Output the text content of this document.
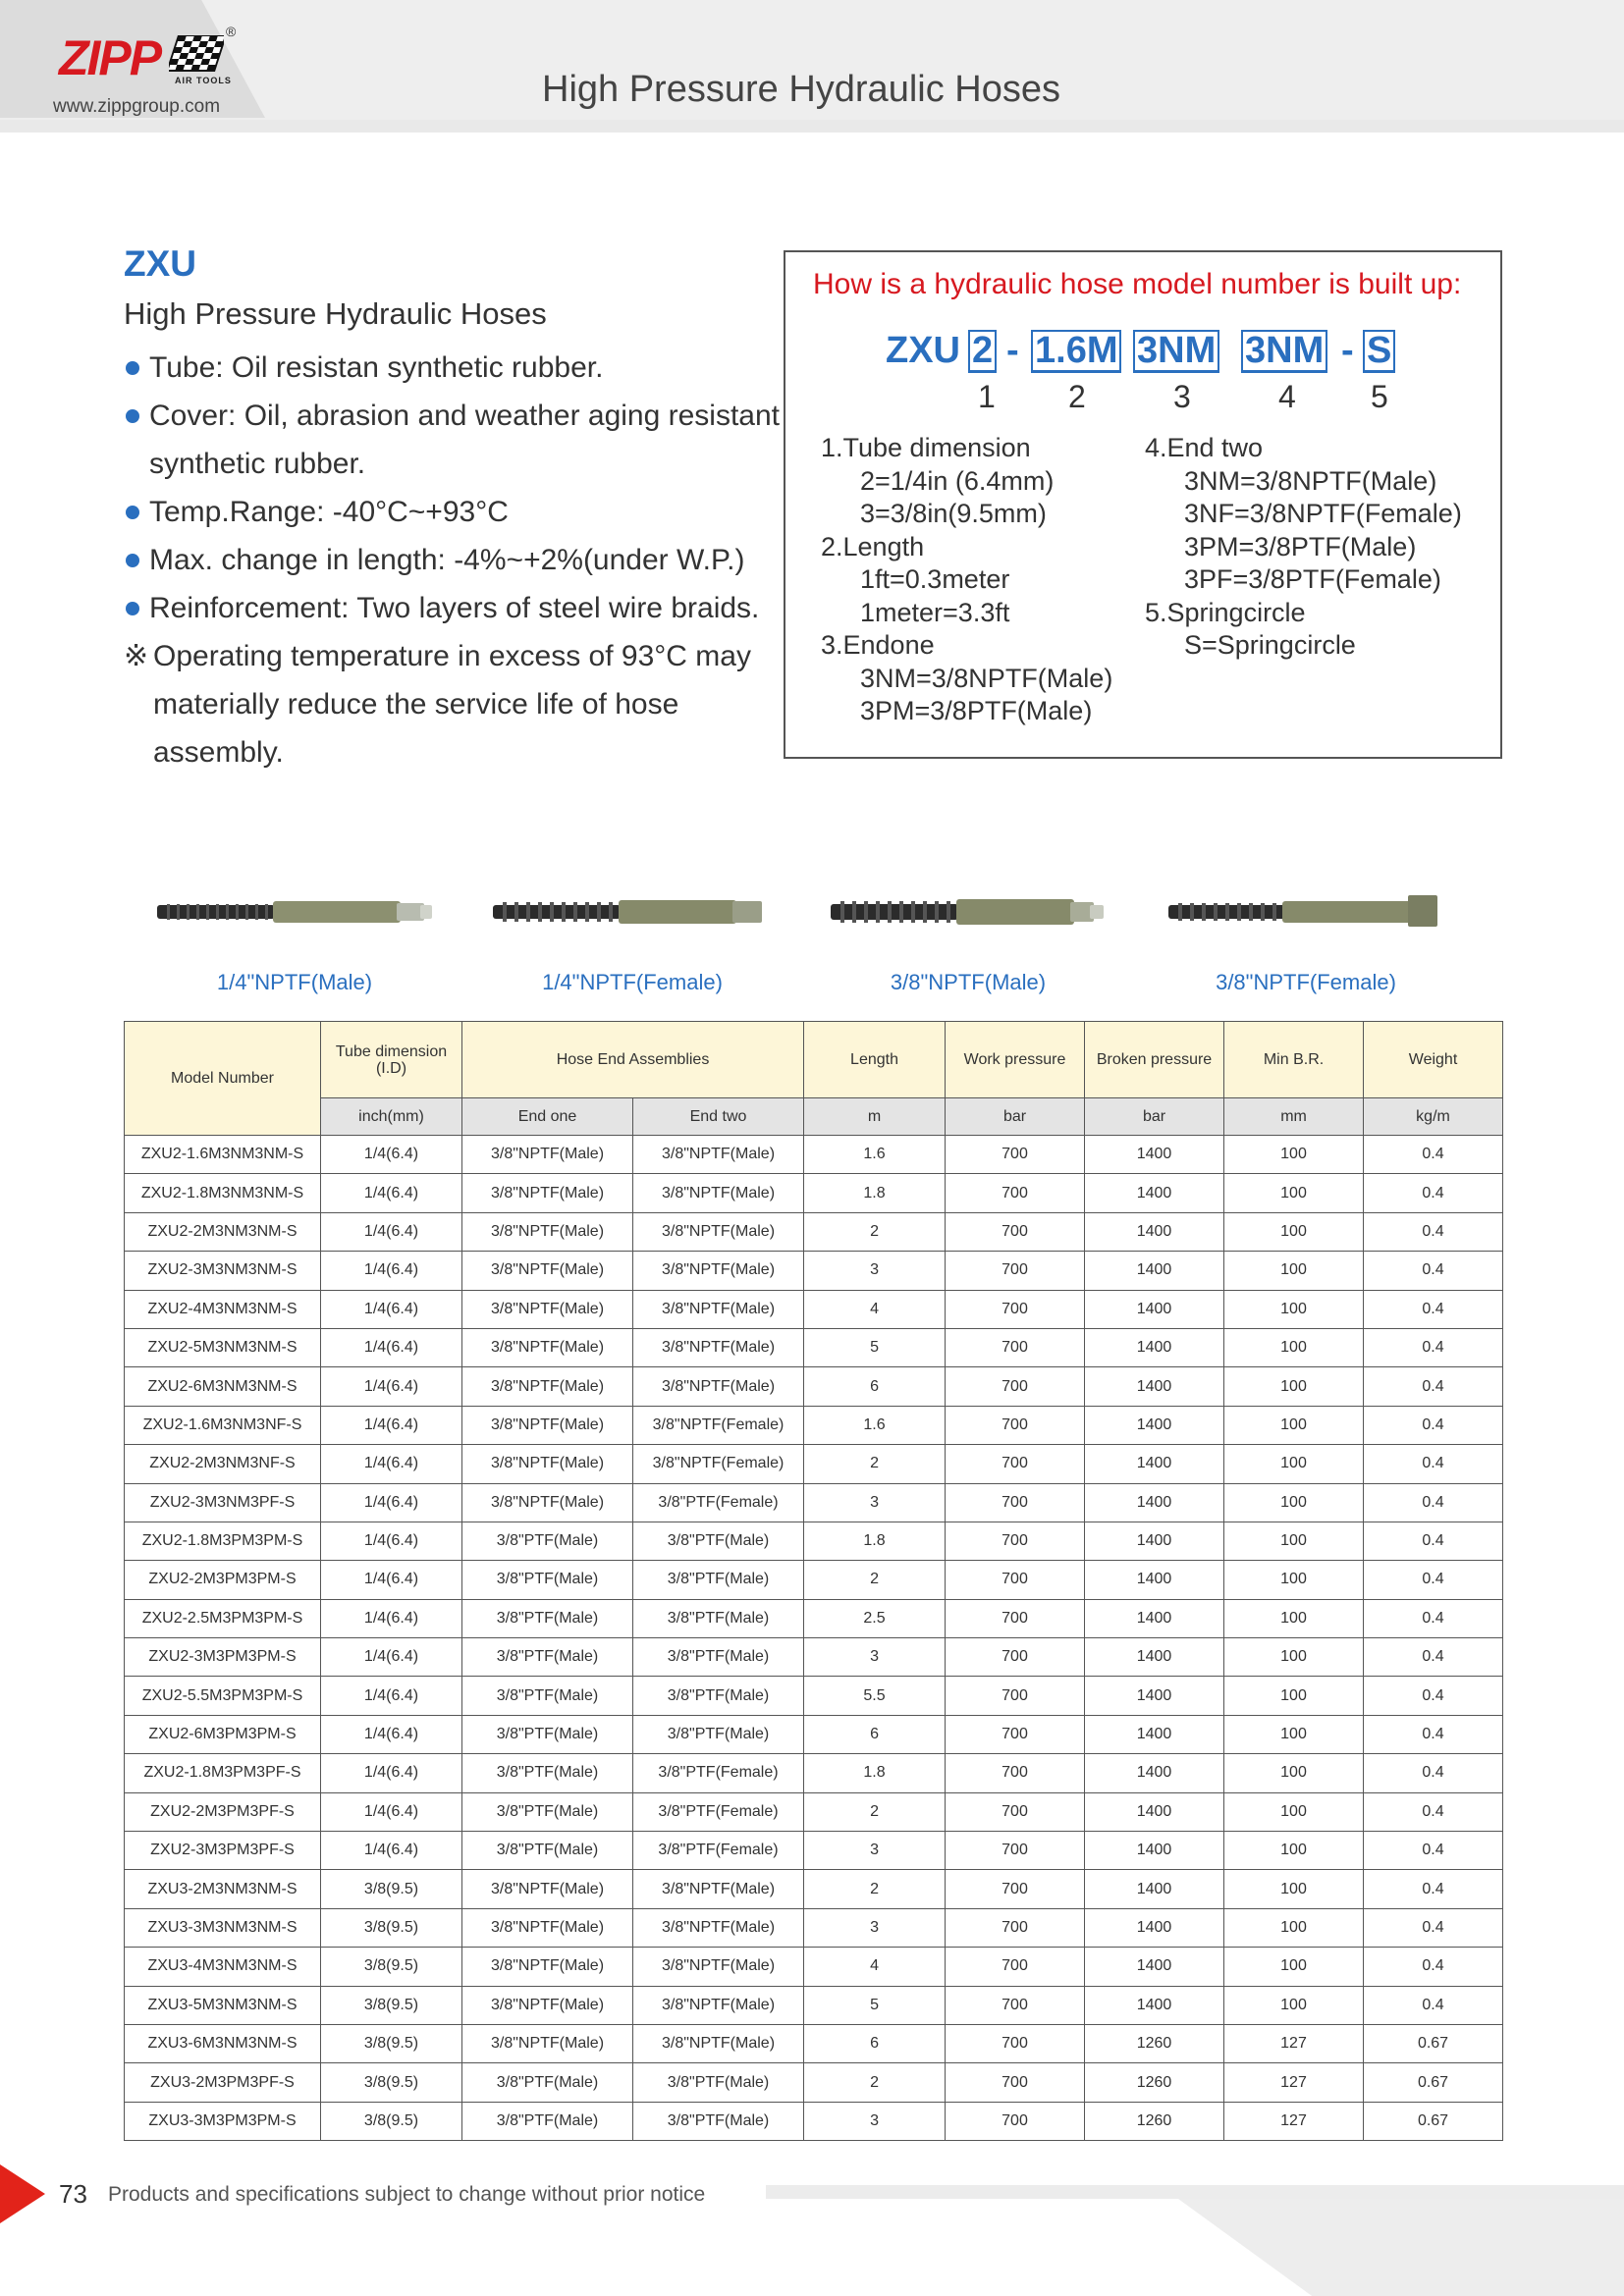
ZIPP	®
AIR TOOLS
www.zippgroup.com	High Pressure Hydraulic Hoses
ZXU
High Pressure Hydraulic Hoses
Tube: Oil resistan synthetic rubber.
Cover: Oil, abrasion and weather aging resistant synthetic rubber.
Temp.Range: -40°C~+93°C
Max. change in length: -4%~+2%(under W.P.)
Reinforcement: Two layers of steel wire braids.
※ Operating temperature in excess of 93°C may materially reduce the service life of hose assembly.
How is a hydraulic hose model number is built up:
ZXU 2 - 1.6M 3NM 3NM - S
1 2	3	4 5
1.Tube dimension
2=1/4in (6.4mm)
3=3/8in(9.5mm)
2.Length
1ft=0.3meter
1meter=3.3ft
3.Endone
3NM=3/8NPTF(Male)
3PM=3/8PTF(Male)
4.End two
3NM=3/8NPTF(Male)
3NF=3/8NPTF(Female)
3PM=3/8PTF(Male)
3PF=3/8PTF(Female)
5.Springcircle
S=Springcircle
1/4"NPTF(Male)	1/4"NPTF(Female)	3/8"NPTF(Male)	3/8"NPTF(Female)
Model Number	Tube dimension (I.D)	Hose End Assemblies		Length	Work pressure	Broken pressure	Min B.R.	Weight
	inch(mm)	End one	End two	m	bar	bar	mm	kg/m
ZXU2-1.6M3NM3NM-S	1/4(6.4)	3/8"NPTF(Male)	3/8"NPTF(Male)	1.6	700	1400	100	0.4
ZXU2-1.8M3NM3NM-S	1/4(6.4)	3/8"NPTF(Male)	3/8"NPTF(Male)	1.8	700	1400	100	0.4
ZXU2-2M3NM3NM-S	1/4(6.4)	3/8"NPTF(Male)	3/8"NPTF(Male)	2	700	1400	100	0.4
ZXU2-3M3NM3NM-S	1/4(6.4)	3/8"NPTF(Male)	3/8"NPTF(Male)	3	700	1400	100	0.4
ZXU2-4M3NM3NM-S	1/4(6.4)	3/8"NPTF(Male)	3/8"NPTF(Male)	4	700	1400	100	0.4
ZXU2-5M3NM3NM-S	1/4(6.4)	3/8"NPTF(Male)	3/8"NPTF(Male)	5	700	1400	100	0.4
ZXU2-6M3NM3NM-S	1/4(6.4)	3/8"NPTF(Male)	3/8"NPTF(Male)	6	700	1400	100	0.4
ZXU2-1.6M3NM3NF-S	1/4(6.4)	3/8"NPTF(Male)	3/8"NPTF(Female)	1.6	700	1400	100	0.4
ZXU2-2M3NM3NF-S	1/4(6.4)	3/8"NPTF(Male)	3/8"NPTF(Female)	2	700	1400	100	0.4
ZXU2-3M3NM3PF-S	1/4(6.4)	3/8"NPTF(Male)	3/8"PTF(Female)	3	700	1400	100	0.4
ZXU2-1.8M3PM3PM-S	1/4(6.4)	3/8"PTF(Male)	3/8"PTF(Male)	1.8	700	1400	100	0.4
ZXU2-2M3PM3PM-S	1/4(6.4)	3/8"PTF(Male)	3/8"PTF(Male)	2	700	1400	100	0.4
ZXU2-2.5M3PM3PM-S	1/4(6.4)	3/8"PTF(Male)	3/8"PTF(Male)	2.5	700	1400	100	0.4
ZXU2-3M3PM3PM-S	1/4(6.4)	3/8"PTF(Male)	3/8"PTF(Male)	3	700	1400	100	0.4
ZXU2-5.5M3PM3PM-S	1/4(6.4)	3/8"PTF(Male)	3/8"PTF(Male)	5.5	700	1400	100	0.4
ZXU2-6M3PM3PM-S	1/4(6.4)	3/8"PTF(Male)	3/8"PTF(Male)	6	700	1400	100	0.4
ZXU2-1.8M3PM3PF-S	1/4(6.4)	3/8"PTF(Male)	3/8"PTF(Female)	1.8	700	1400	100	0.4
ZXU2-2M3PM3PF-S	1/4(6.4)	3/8"PTF(Male)	3/8"PTF(Female)	2	700	1400	100	0.4
ZXU2-3M3PM3PF-S	1/4(6.4)	3/8"PTF(Male)	3/8"PTF(Female)	3	700	1400	100	0.4
ZXU3-2M3NM3NM-S	3/8(9.5)	3/8"NPTF(Male)	3/8"NPTF(Male)	2	700	1400	100	0.4
ZXU3-3M3NM3NM-S	3/8(9.5)	3/8"NPTF(Male)	3/8"NPTF(Male)	3	700	1400	100	0.4
ZXU3-4M3NM3NM-S	3/8(9.5)	3/8"NPTF(Male)	3/8"NPTF(Male)	4	700	1400	100	0.4
ZXU3-5M3NM3NM-S	3/8(9.5)	3/8"NPTF(Male)	3/8"NPTF(Male)	5	700	1400	100	0.4
ZXU3-6M3NM3NM-S	3/8(9.5)	3/8"NPTF(Male)	3/8"NPTF(Male)	6	700	1260	127	0.67
ZXU3-2M3PM3PF-S	3/8(9.5)	3/8"PTF(Male)	3/8"PTF(Male)	2	700	1260	127	0.67
ZXU3-3M3PM3PM-S	3/8(9.5)	3/8"PTF(Male)	3/8"PTF(Male)	3	700	1260	127	0.67
73 Products and specifications subject to change without prior notice
